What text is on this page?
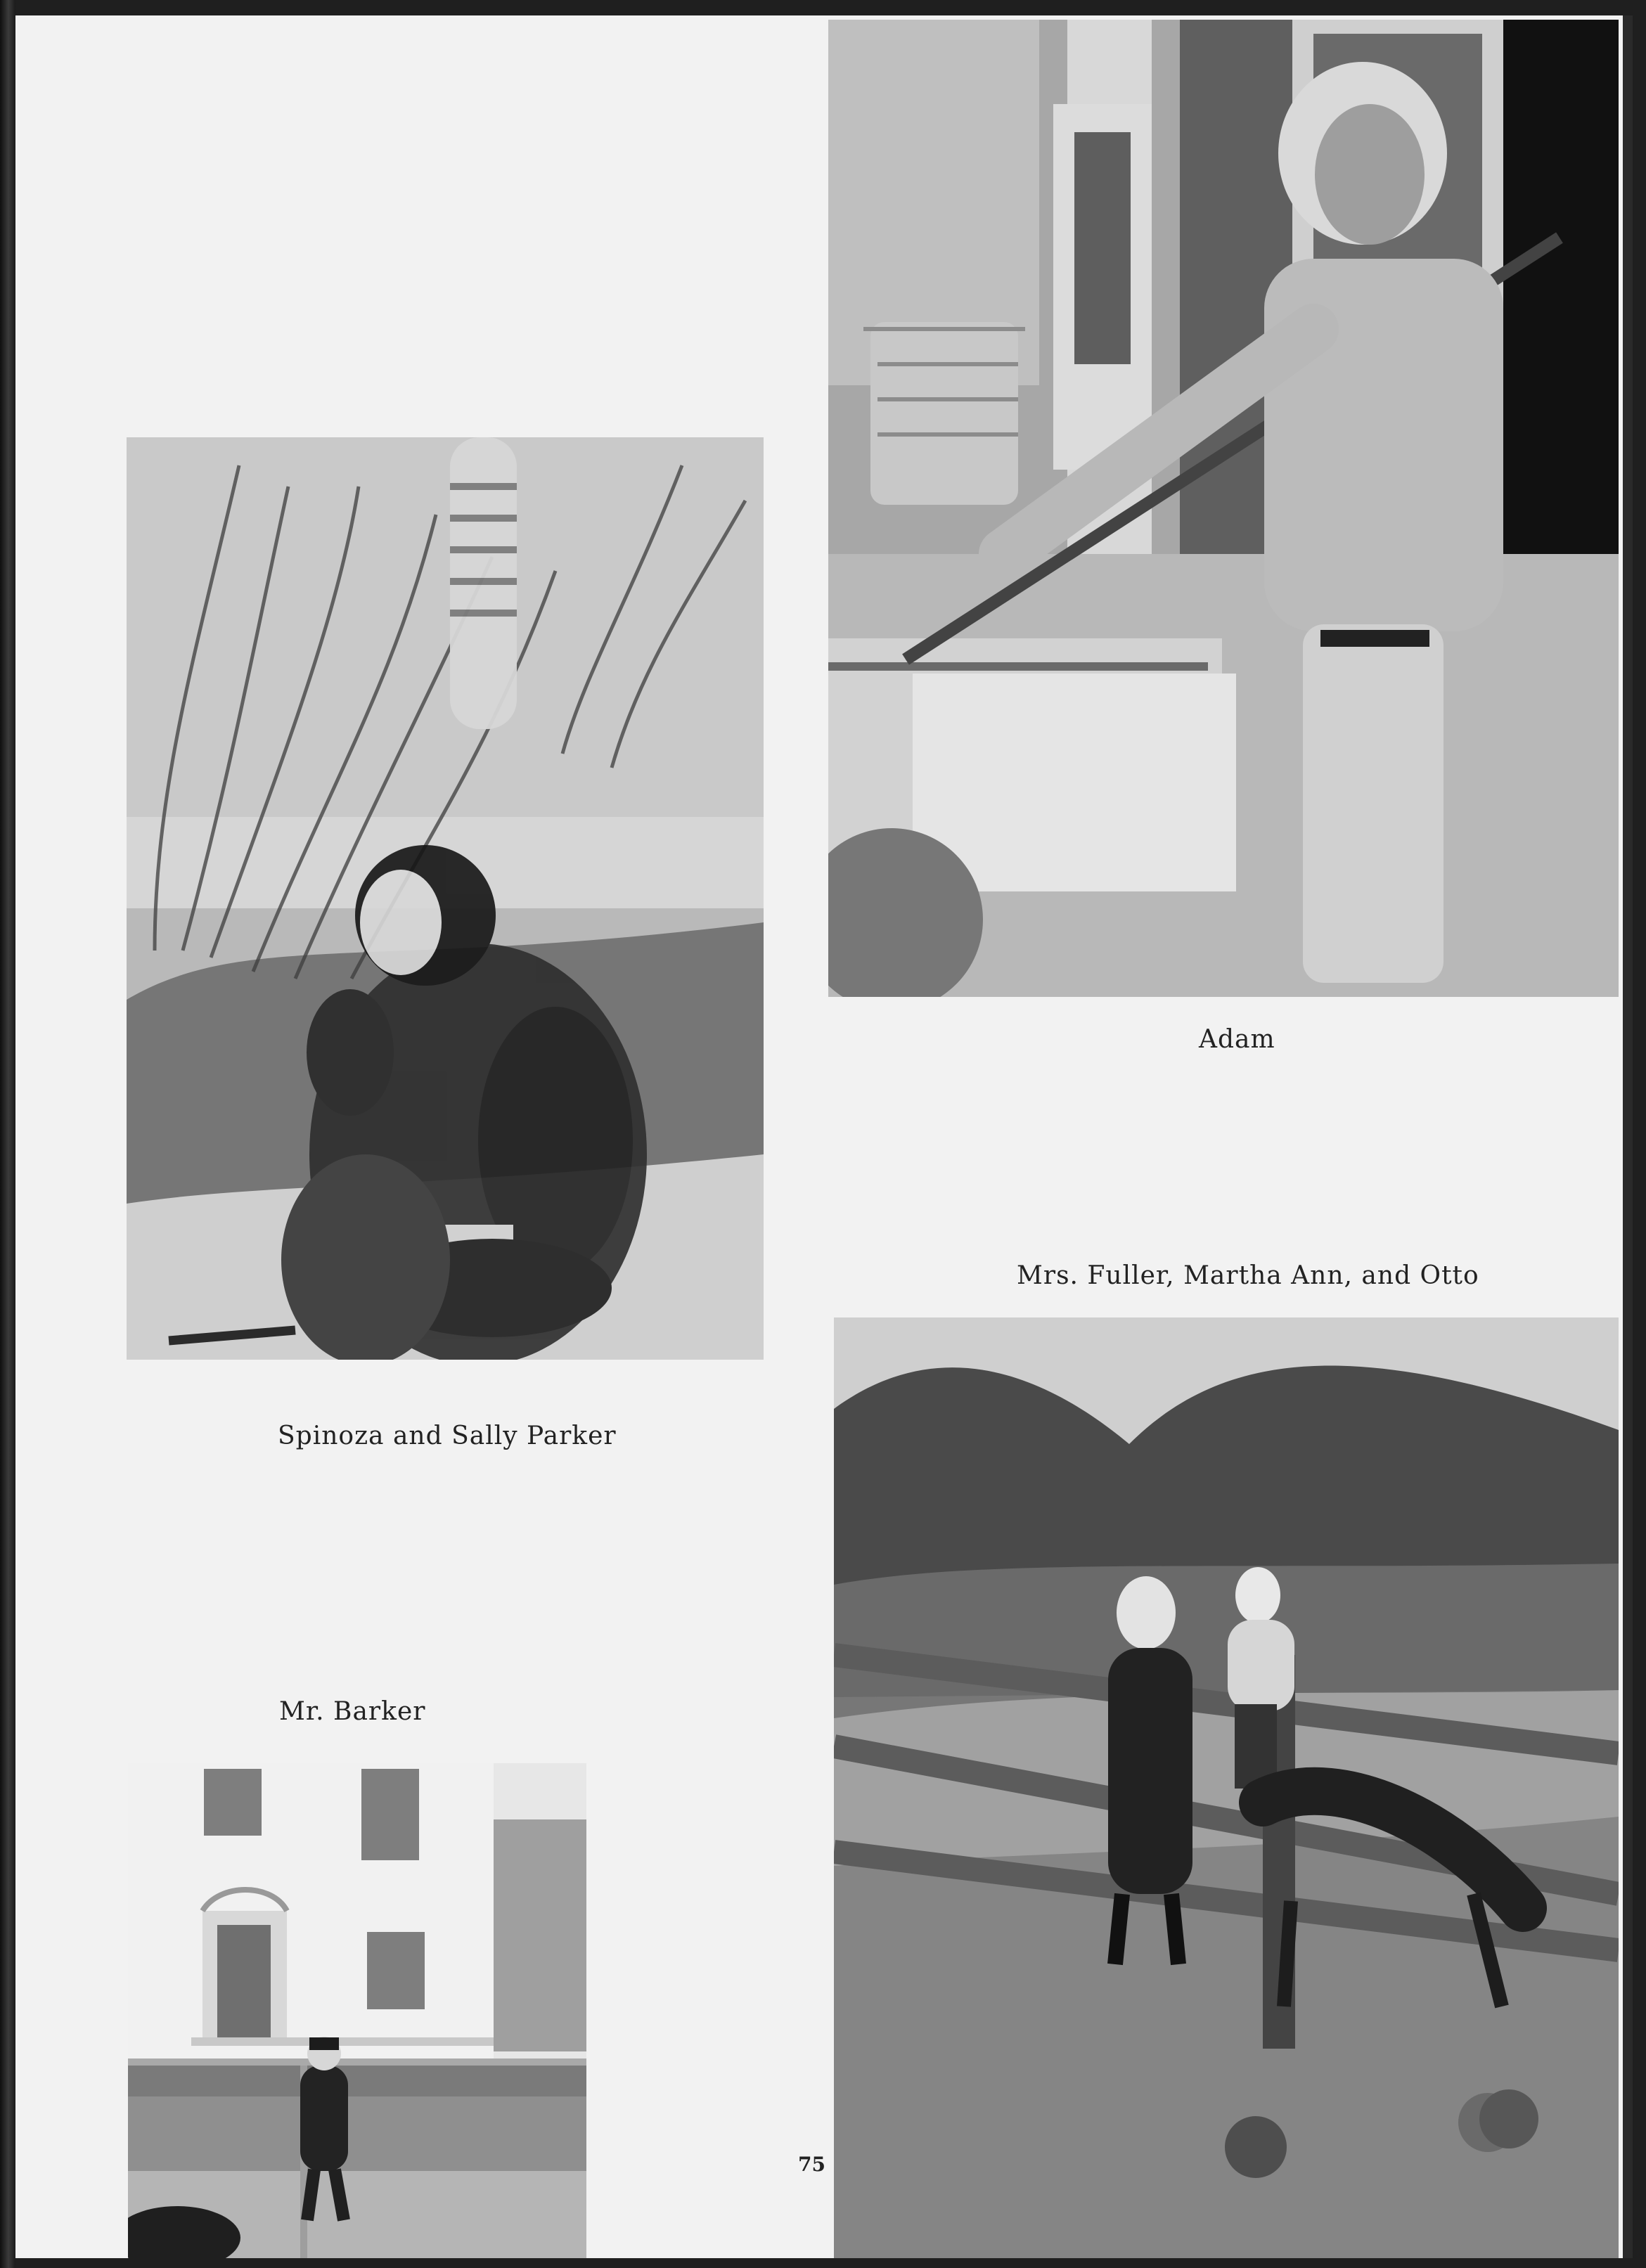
Spinoza and Sally Parker
Adam
Mrs. Fuller, Martha Ann, and Otto
Mr. Barker
75
